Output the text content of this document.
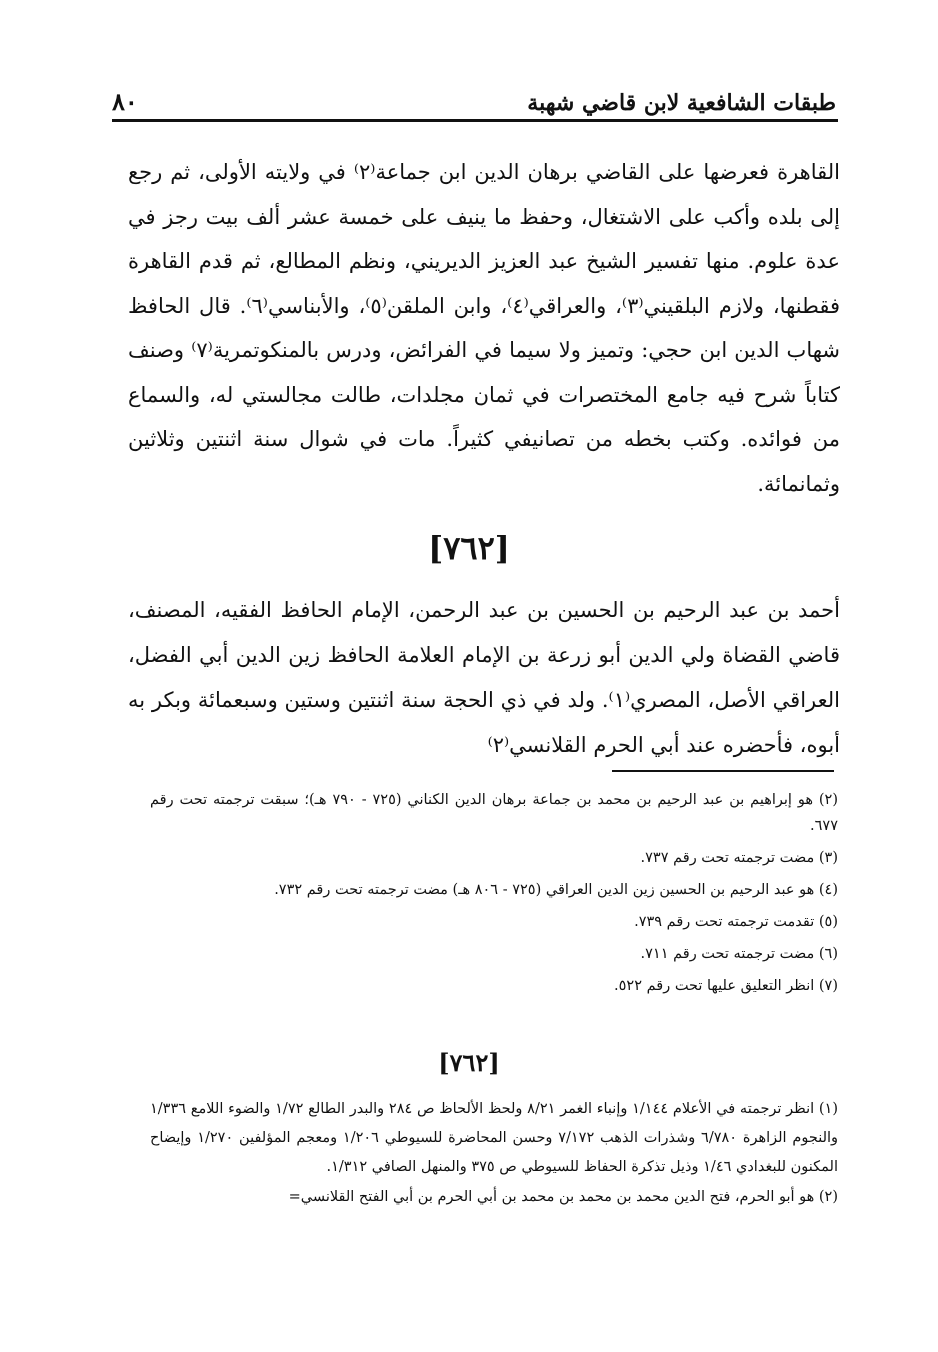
طبقات الشافعية لابن قاضي شهبة
٨٠

القاهرة فعرضها على القاضي برهان الدين ابن جماعة⁽٢⁾ في ولايته الأولى، ثم رجع إلى بلده وأكب على الاشتغال، وحفظ ما ينيف على خمسة عشر ألف بيت رجز في عدة علوم. منها تفسير الشيخ عبد العزيز الديريني، ونظم المطالع، ثم قدم القاهرة فقطنها، ولازم البلقيني⁽٣⁾، والعراقي⁽٤⁾، وابن الملقن⁽٥⁾، والأبناسي⁽٦⁾. قال الحافظ شهاب الدين ابن حجي: وتميز ولا سيما في الفرائض، ودرس بالمنكوتمرية⁽٧⁾ وصنف كتاباً شرح فيه جامع المختصرات في ثمان مجلدات، طالت مجالستي له، والسماع من فوائده. وكتب بخطه من تصانيفي كثيراً. مات في شوال سنة اثنتين وثلاثين وثمانمائة.

[٧٦٢]

أحمد بن عبد الرحيم بن الحسين بن عبد الرحمن، الإمام الحافظ الفقيه، المصنف، قاضي القضاة ولي الدين أبو زرعة بن الإمام العلامة الحافظ زين الدين أبي الفضل، العراقي الأصل، المصري⁽١⁾. ولد في ذي الحجة سنة اثنتين وستين وسبعمائة وبكر به أبوه، فأحضره عند أبي الحرم القلانسي⁽٢⁾

(٢) هو إبراهيم بن عبد الرحيم بن محمد بن جماعة برهان الدين الكناني (٧٢٥ - ٧٩٠ هـ)؛ سبقت ترجمته تحت رقم ٦٧٧.
(٣) مضت ترجمته تحت رقم ٧٣٧.
(٤) هو عبد الرحيم بن الحسين زين الدين العراقي (٧٢٥ - ٨٠٦ هـ) مضت ترجمته تحت رقم ٧٣٢.
(٥) تقدمت ترجمته تحت رقم ٧٣٩.
(٦) مضت ترجمته تحت رقم ٧١١.
(٧) انظر التعليق عليها تحت رقم ٥٢٢.
[٧٦٢]
(١) انظر ترجمته في الأعلام ١/١٤٤ وإنباء الغمر ٨/٢١ ولحظ الألحاظ ص ٢٨٤ والبدر الطالع ١/٧٢ والضوء اللامع ١/٣٣٦ والنجوم الزاهرة ٦/٧٨٠ وشذرات الذهب ٧/١٧٢ وحسن المحاضرة للسيوطي ١/٢٠٦ ومعجم المؤلفين ١/٢٧٠ وإيضاح المكنون للبغدادي ١/٤٦ وذيل تذكرة الحفاظ للسيوطي ص ٣٧٥ والمنهل الصافي ١/٣١٢.
(٢) هو أبو الحرم، فتح الدين محمد بن محمد بن محمد بن أبي الحرم بن أبي الفتح القلانسي=
